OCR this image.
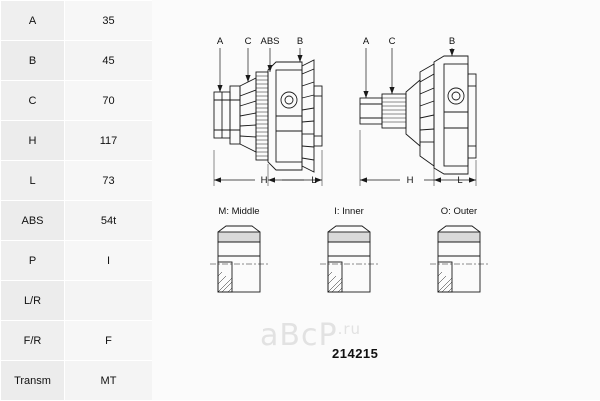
A	35
B	45
C	70
H	117
L	73
ABS	54t
P	I
L/R	
F/R	F
Transm	MT
A C ABS B
H	L
A C	B
H	L
M: Middle	I: Inner	O: Outer
aBcP$^{.ru}$
214215
